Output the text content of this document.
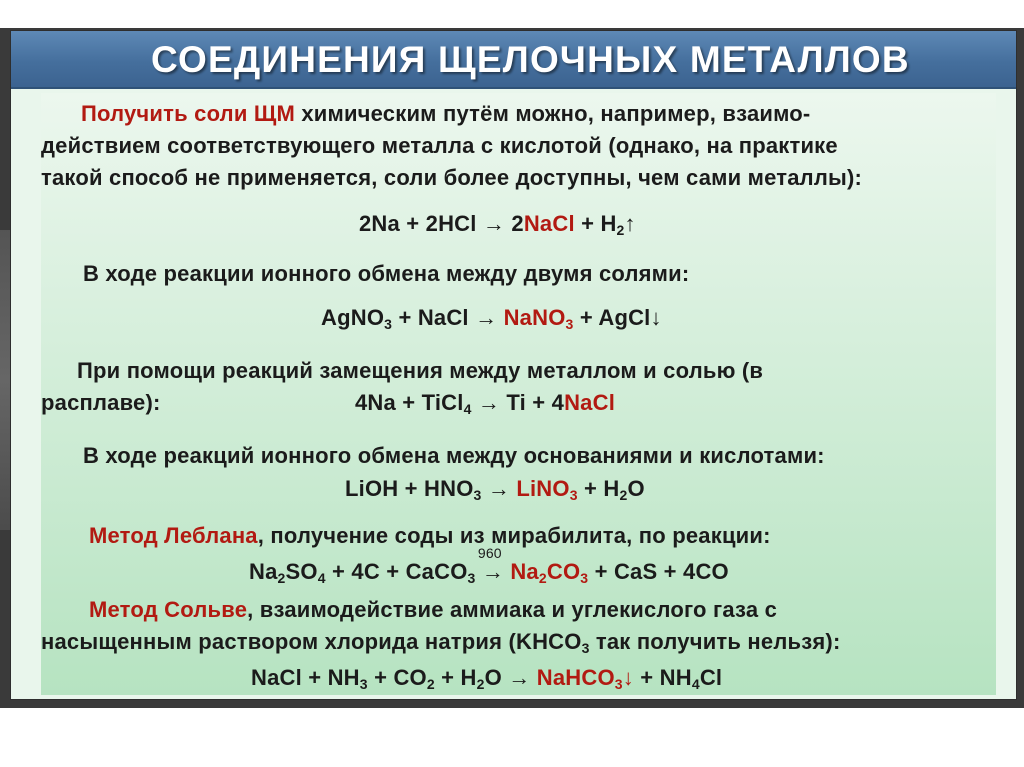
СОЕДИНЕНИЯ ЩЕЛОЧНЫХ МЕТАЛЛОВ
Получить соли ЩМ химическим путём можно, например, взаимо-
действием соответствующего металла с кислотой (однако, на практике
такой способ не применяется, соли более доступны, чем сами металлы):
2Na + 2HCl → 2NaCl + $H_2↑$
В ходе реакции ионного обмена между двумя солями:
AgNO$_3$ + NaCl → NaNO$_3$ + AgCl↓
При помощи реакций замещения между металлом и солью (в
расплаве):	4Na + TiCl$_4$ → Ti + 4NaCl
В ходе реакций ионного обмена между основаниями и кислотами:
LiOH + $HNO_3$ → LiNO$_3$ + $H_2O$
Метод Леблана, получение соды из мирабилита, по реакции:
$Na_2SO_4 + 4C$ + CaCO$_3$
960
→ $Na_2CO_3$ + CaS + 4CO
Метод Сольве, взаимодействие аммиака и углекислого газа с
насыщенным раствором хлорида натрия ($KHCO_3$ так получить нельзя):
NaCl + $NH_3 + CO_2 + H_2O$ → NaHCO$_3$↓ + $NH_4Cl$
